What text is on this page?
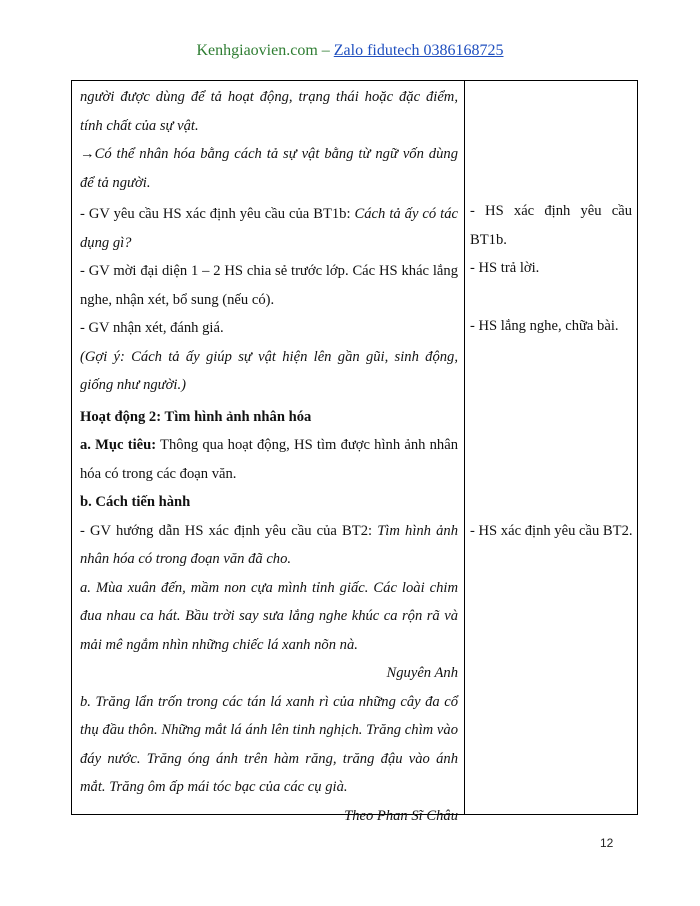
Kenhgiaovien.com – Zalo fidutech 0386168725

người được dùng để tả hoạt động, trạng thái hoặc đặc điểm, tính chất của sự vật.

→Có thể nhân hóa bằng cách tả sự vật bằng từ ngữ vốn dùng để tả người.

- GV yêu cầu HS xác định yêu cầu của BT1b: Cách tả ấy có tác dụng gì?

- GV mời đại diện 1 – 2 HS chia sẻ trước lớp. Các HS khác lắng nghe, nhận xét, bổ sung (nếu có).

- GV nhận xét, đánh giá.

(Gợi ý: Cách tả ấy giúp sự vật hiện lên gần gũi, sinh động, giống như người.)

Hoạt động 2: Tìm hình ảnh nhân hóa

a. Mục tiêu: Thông qua hoạt động, HS tìm được hình ảnh nhân hóa có trong các đoạn văn.

b. Cách tiến hành

- GV hướng dẫn HS xác định yêu cầu của BT2: Tìm hình ảnh nhân hóa có trong đoạn văn đã cho.

a. Mùa xuân đến, mầm non cựa mình tỉnh giấc. Các loài chim đua nhau ca hát. Bầu trời say sưa lắng nghe khúc ca rộn rã và mải mê ngắm nhìn những chiếc lá xanh nõn nà.

Nguyên Anh

b. Trăng lẩn trốn trong các tán lá xanh rì của những cây đa cổ thụ đầu thôn. Những mắt lá ánh lên tinh nghịch. Trăng chìm vào đáy nước. Trăng óng ánh trên hàm răng, trăng đậu vào ánh mắt. Trăng ôm ấp mái tóc bạc của các cụ già.

Theo Phan Sĩ Châu

- HS xác định yêu cầu BT1b.

- HS trả lời.

- HS lắng nghe, chữa bài.

- HS xác định yêu cầu BT2.

12
